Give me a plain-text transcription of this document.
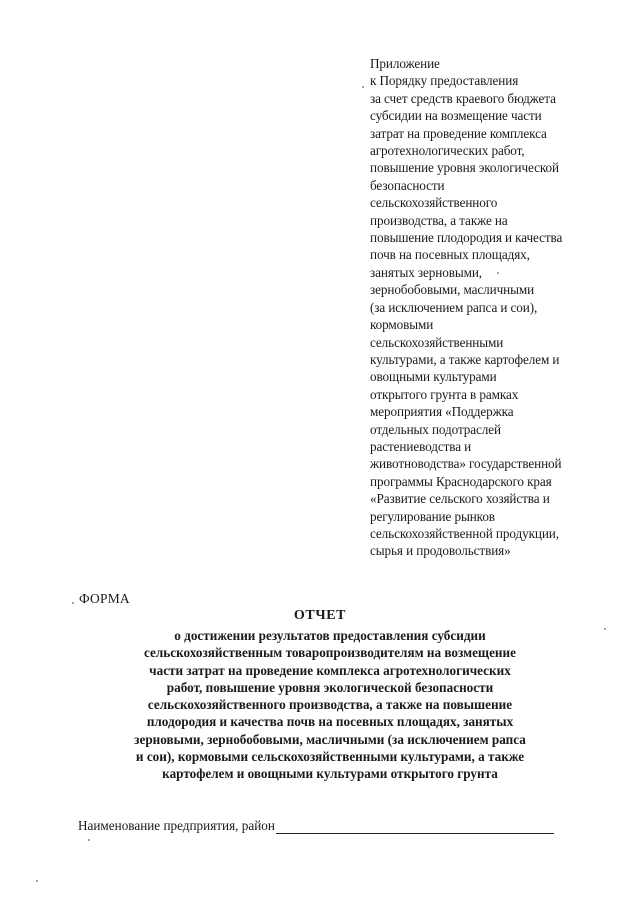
Приложение
к Порядку предоставления
за счет средств краевого бюджета
субсидии на возмещение части
затрат на проведение комплекса
агротехнологических работ,
повышение уровня экологической
безопасности
сельскохозяйственного
производства, а также на
повышение плодородия и качества
почв на посевных площадях,
занятых зерновыми,
зернобобовыми, масличными
(за исключением рапса и сои),
кормовыми
сельскохозяйственными
культурами, а также картофелем и
овощными культурами
открытого грунта в рамках
мероприятия «Поддержка
отдельных подотраслей
растениеводства и
животноводства» государственной
программы Краснодарского края
«Развитие сельского хозяйства и
регулирование рынков
сельскохозяйственной продукции,
сырья и продовольствия»
ФОРМА
ОТЧЕТ
о достижении результатов предоставления субсидии
сельскохозяйственным товаропроизводителям на возмещение
части затрат на проведение комплекса агротехнологических
работ, повышение уровня экологической безопасности
сельскохозяйственного производства, а также на повышение
плодородия и качества почв на посевных площадях, занятых
зерновыми, зернобобовыми, масличными (за исключением рапса
и сои), кормовыми сельскохозяйственными культурами, а также
картофелем и овощными культурами открытого грунта
Наименование предприятия, район
